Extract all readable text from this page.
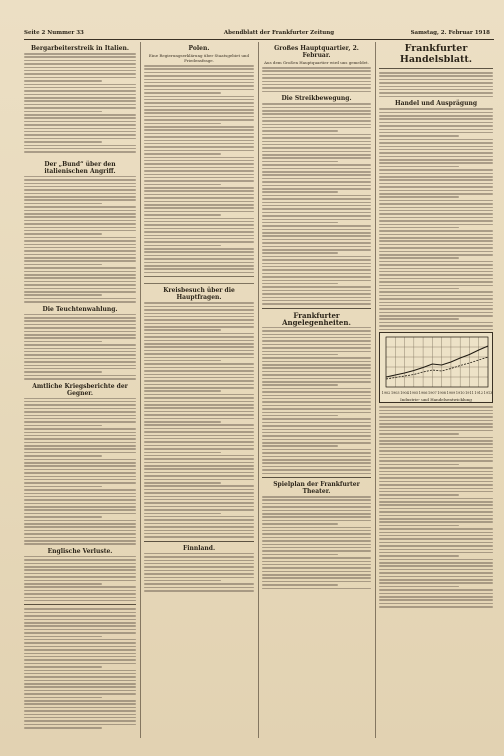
Seite 2 Nummer 33	Abendblatt der Frankfurter Zeitung	Samstag, 2. Februar 1918
Bergarbeiterstreik in Italien.
Der „Bund“ über den italienischen Angriff.
Die Teuchtenwahlung.
Amtliche Kriegsberichte der Gegner.
Englische Verluste.
Polen.
Eine Regierungserklärung über Staatsgebiet und Friedensfrage.
Kreisbesuch über die Hauptfragen.
Finnland.
Großes Hauptquartier, 2. Februar.
Aus dem Großen Hauptquartier wird uns gemeldet.
Die Streikbewegung.
Frankfurter Angelegenheiten.
Spielplan der Frankfurter Theater.
Frankfurter Handelsblatt.
Handel und Ausprägung
1902 1903 1904 1905 1906 1907 1908 1909 1910 1911 1912 1913
Industrie- und Handelsentwicklung
